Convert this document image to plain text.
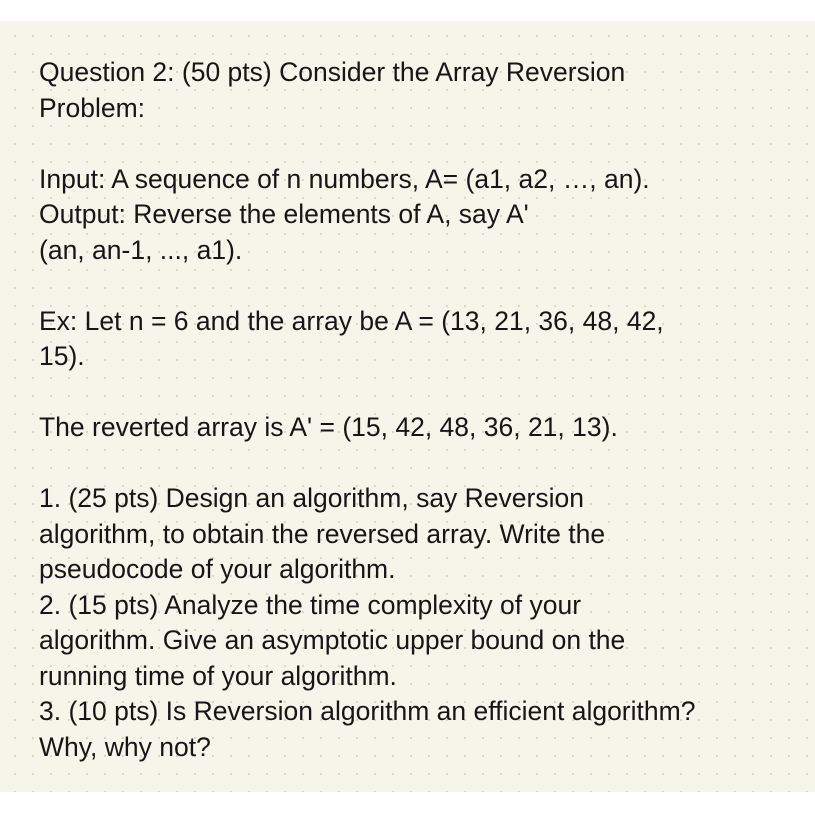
Question 2: (50 pts) Consider the Array Reversion
Problem:
Input: A sequence of n numbers, A= (a1, a2, …, an).
Output: Reverse the elements of A, say A'
(an, an-1, ..., a1).
Ex: Let n = 6 and the array be A = (13, 21, 36, 48, 42,
15).
The reverted array is A' = (15, 42, 48, 36, 21, 13).
1. (25 pts) Design an algorithm, say Reversion
algorithm, to obtain the reversed array. Write the
pseudocode of your algorithm.
2. (15 pts) Analyze the time complexity of your
algorithm. Give an asymptotic upper bound on the
running time of your algorithm.
3. (10 pts) Is Reversion algorithm an efficient algorithm?
Why, why not?
